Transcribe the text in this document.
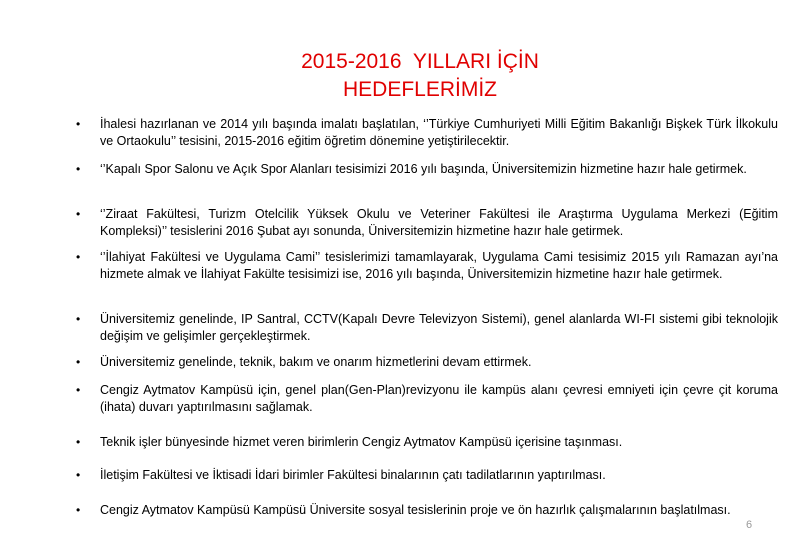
2015-2016  YILLARI İÇİN
HEDEFLERİMİZ
• İhalesi hazırlanan ve 2014 yılı başında imalatı başlatılan, ‘’Türkiye Cumhuriyeti Milli Eğitim Bakanlığı Bişkek Türk İlkokulu ve Ortaokulu’’ tesisini, 2015-2016 eğitim öğretim dönemine yetiştirilecektir.
• ‘’Kapalı Spor Salonu ve Açık Spor Alanları tesisimizi 2016 yılı başında, Üniversitemizin hizmetine hazır hale getirmek.
• ‘’Ziraat Fakültesi, Turizm Otelcilik Yüksek Okulu ve Veteriner Fakültesi ile Araştırma Uygulama Merkezi (Eğitim Kompleksi)’’ tesislerini 2016 Şubat ayı sonunda, Üniversitemizin hizmetine hazır hale getirmek.
• ‘’İlahiyat Fakültesi ve Uygulama Cami’’ tesislerimizi tamamlayarak, Uygulama Cami tesisimiz 2015 yılı Ramazan ayı’na hizmete almak ve İlahiyat Fakülte tesisimizi ise, 2016 yılı başında, Üniversitemizin hizmetine hazır hale getirmek.
• Üniversitemiz genelinde, IP Santral, CCTV(Kapalı Devre Televizyon Sistemi), genel alanlarda WI-FI sistemi gibi teknolojik değişim ve gelişimler gerçekleştirmek.
• Üniversitemiz genelinde, teknik, bakım ve onarım hizmetlerini devam ettirmek.
• Cengiz Aytmatov Kampüsü için, genel plan(Gen-Plan)revizyonu ile kampüs alanı çevresi emniyeti için çevre çit koruma (ihata) duvarı yaptırılmasını sağlamak.
• Teknik işler bünyesinde hizmet veren birimlerin Cengiz Aytmatov Kampüsü içerisine taşınması.
• İletişim Fakültesi ve İktisadi İdari birimler Fakültesi binalarının çatı tadilatlarının yaptırılması.
• Cengiz Aytmatov Kampüsü Kampüsü Üniversite sosyal tesislerinin proje ve ön hazırlık çalışmalarının başlatılması.
6
